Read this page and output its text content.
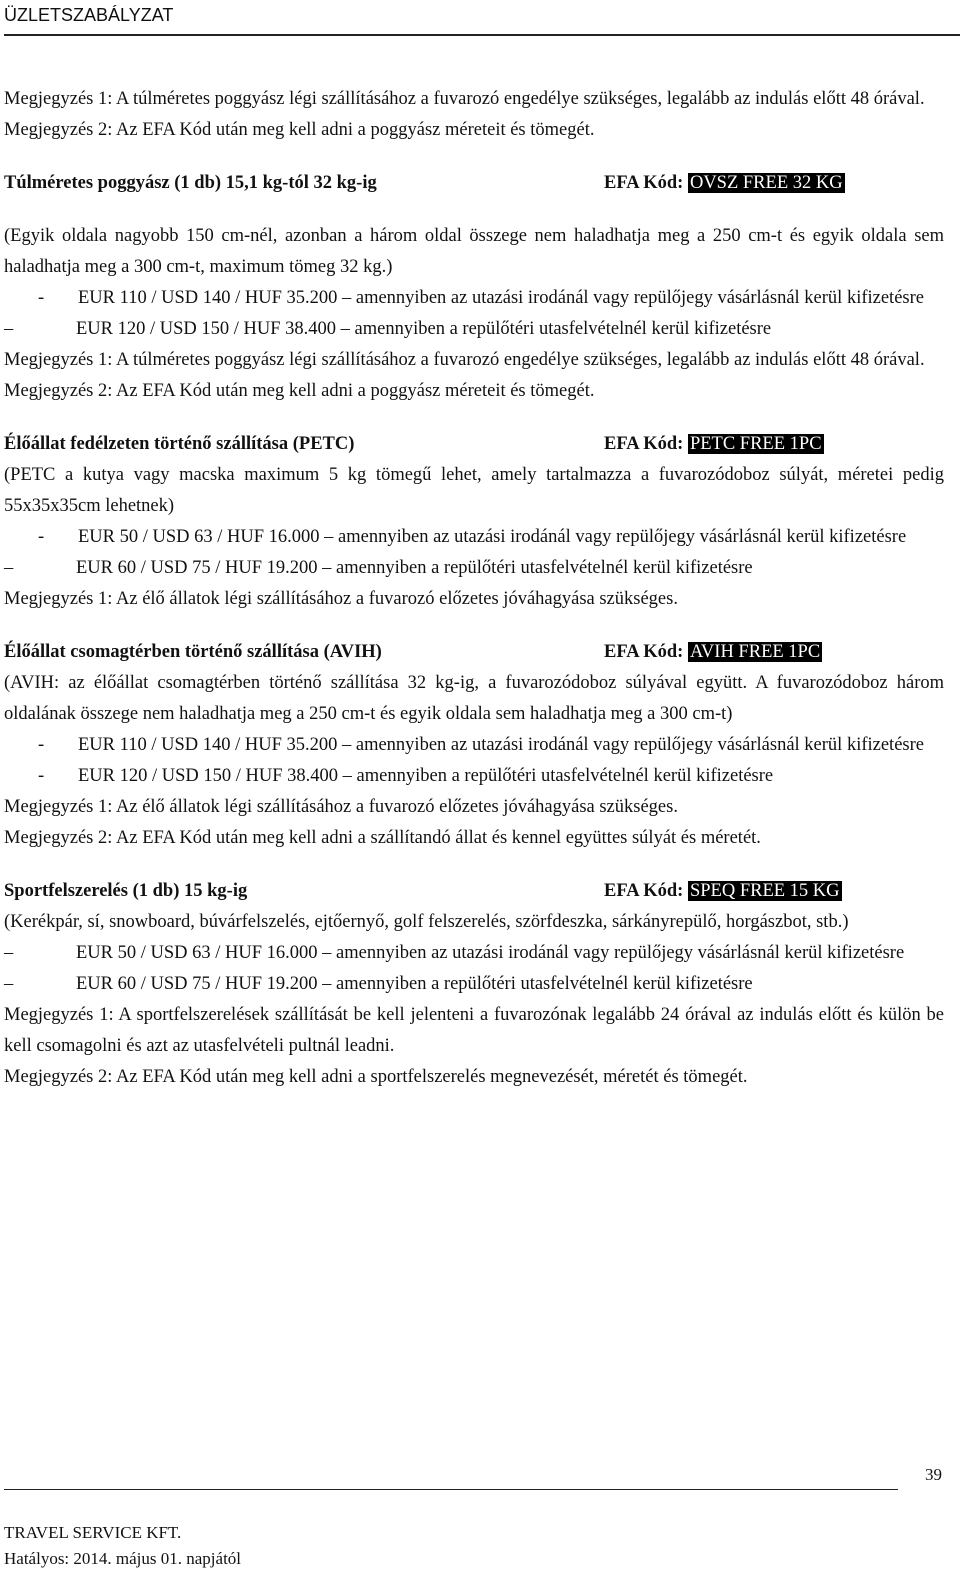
ÜZLETSZABÁLYZAT

Megjegyzés 1: A túlméretes poggyász légi szállításához a fuvarozó engedélye szükséges, legalább az indulás előtt 48 órával.

Megjegyzés 2: Az EFA Kód után meg kell adni a poggyász méreteit és tömegét.

Túlméretes poggyász (1 db) 15,1 kg-tól 32 kg-ig	EFA Kód: OVSZ FREE 32 KG

(Egyik oldala nagyobb 150 cm-nél, azonban a három oldal összege nem haladhatja meg a 250 cm-t és egyik oldala sem haladhatja meg a 300 cm-t, maximum tömeg 32 kg.)

-	EUR 110 / USD 140 / HUF 35.200 – amennyiben az utazási irodánál vagy repülőjegy vásárlásnál kerül kifizetésre
–	EUR 120 / USD 150 / HUF 38.400 – amennyiben a repülőtéri utasfelvételnél kerül kifizetésre

Megjegyzés 1: A túlméretes poggyász légi szállításához a fuvarozó engedélye szükséges, legalább az indulás előtt 48 órával.

Megjegyzés 2: Az EFA Kód után meg kell adni a poggyász méreteit és tömegét.

Élőállat fedélzeten történő szállítása (PETC)	EFA Kód: PETC FREE 1PC

(PETC a kutya vagy macska maximum 5 kg tömegű lehet, amely tartalmazza a fuvarozódoboz súlyát, méretei pedig 55x35x35cm lehetnek)

-	EUR 50 / USD 63 / HUF 16.000 – amennyiben az utazási irodánál vagy repülőjegy vásárlásnál kerül kifizetésre
–	EUR 60 / USD 75 / HUF 19.200 – amennyiben a repülőtéri utasfelvételnél kerül kifizetésre

Megjegyzés 1: Az élő állatok légi szállításához a fuvarozó előzetes jóváhagyása szükséges.

Élőállat csomagtérben történő szállítása (AVIH)	EFA Kód: AVIH FREE 1PC

(AVIH: az élőállat csomagtérben történő szállítása 32 kg-ig, a fuvarozódoboz súlyával együtt. A fuvarozódoboz három oldalának összege nem haladhatja meg a 250 cm-t és egyik oldala sem haladhatja meg a 300 cm-t)

-	EUR 110 / USD 140 / HUF 35.200 – amennyiben az utazási irodánál vagy repülőjegy vásárlásnál kerül kifizetésre
-	EUR 120 / USD 150 / HUF 38.400 – amennyiben a repülőtéri utasfelvételnél kerül kifizetésre

Megjegyzés 1: Az élő állatok légi szállításához a fuvarozó előzetes jóváhagyása szükséges.

Megjegyzés 2: Az EFA Kód után meg kell adni a szállítandó állat és kennel együttes súlyát és méretét.

Sportfelszerelés (1 db) 15 kg-ig	EFA Kód: SPEQ FREE 15 KG

(Kerékpár, sí, snowboard, búvárfelszelés, ejtőernyő, golf felszerelés, szörfdeszka, sárkányrepülő, horgászbot, stb.)

–	EUR 50 / USD 63 / HUF 16.000 – amennyiben az utazási irodánál vagy repülőjegy vásárlásnál kerül kifizetésre
–	EUR 60 / USD 75 / HUF 19.200 – amennyiben a repülőtéri utasfelvételnél kerül kifizetésre

Megjegyzés 1: A sportfelszerelések szállítását be kell jelenteni a fuvarozónak legalább 24 órával az indulás előtt és külön be kell csomagolni és azt az utasfelvételi pultnál leadni.

Megjegyzés 2: Az EFA Kód után meg kell adni a sportfelszerelés megnevezését, méretét és tömegét.

39
TRAVEL SERVICE KFT.
Hatályos: 2014. május 01. napjától
